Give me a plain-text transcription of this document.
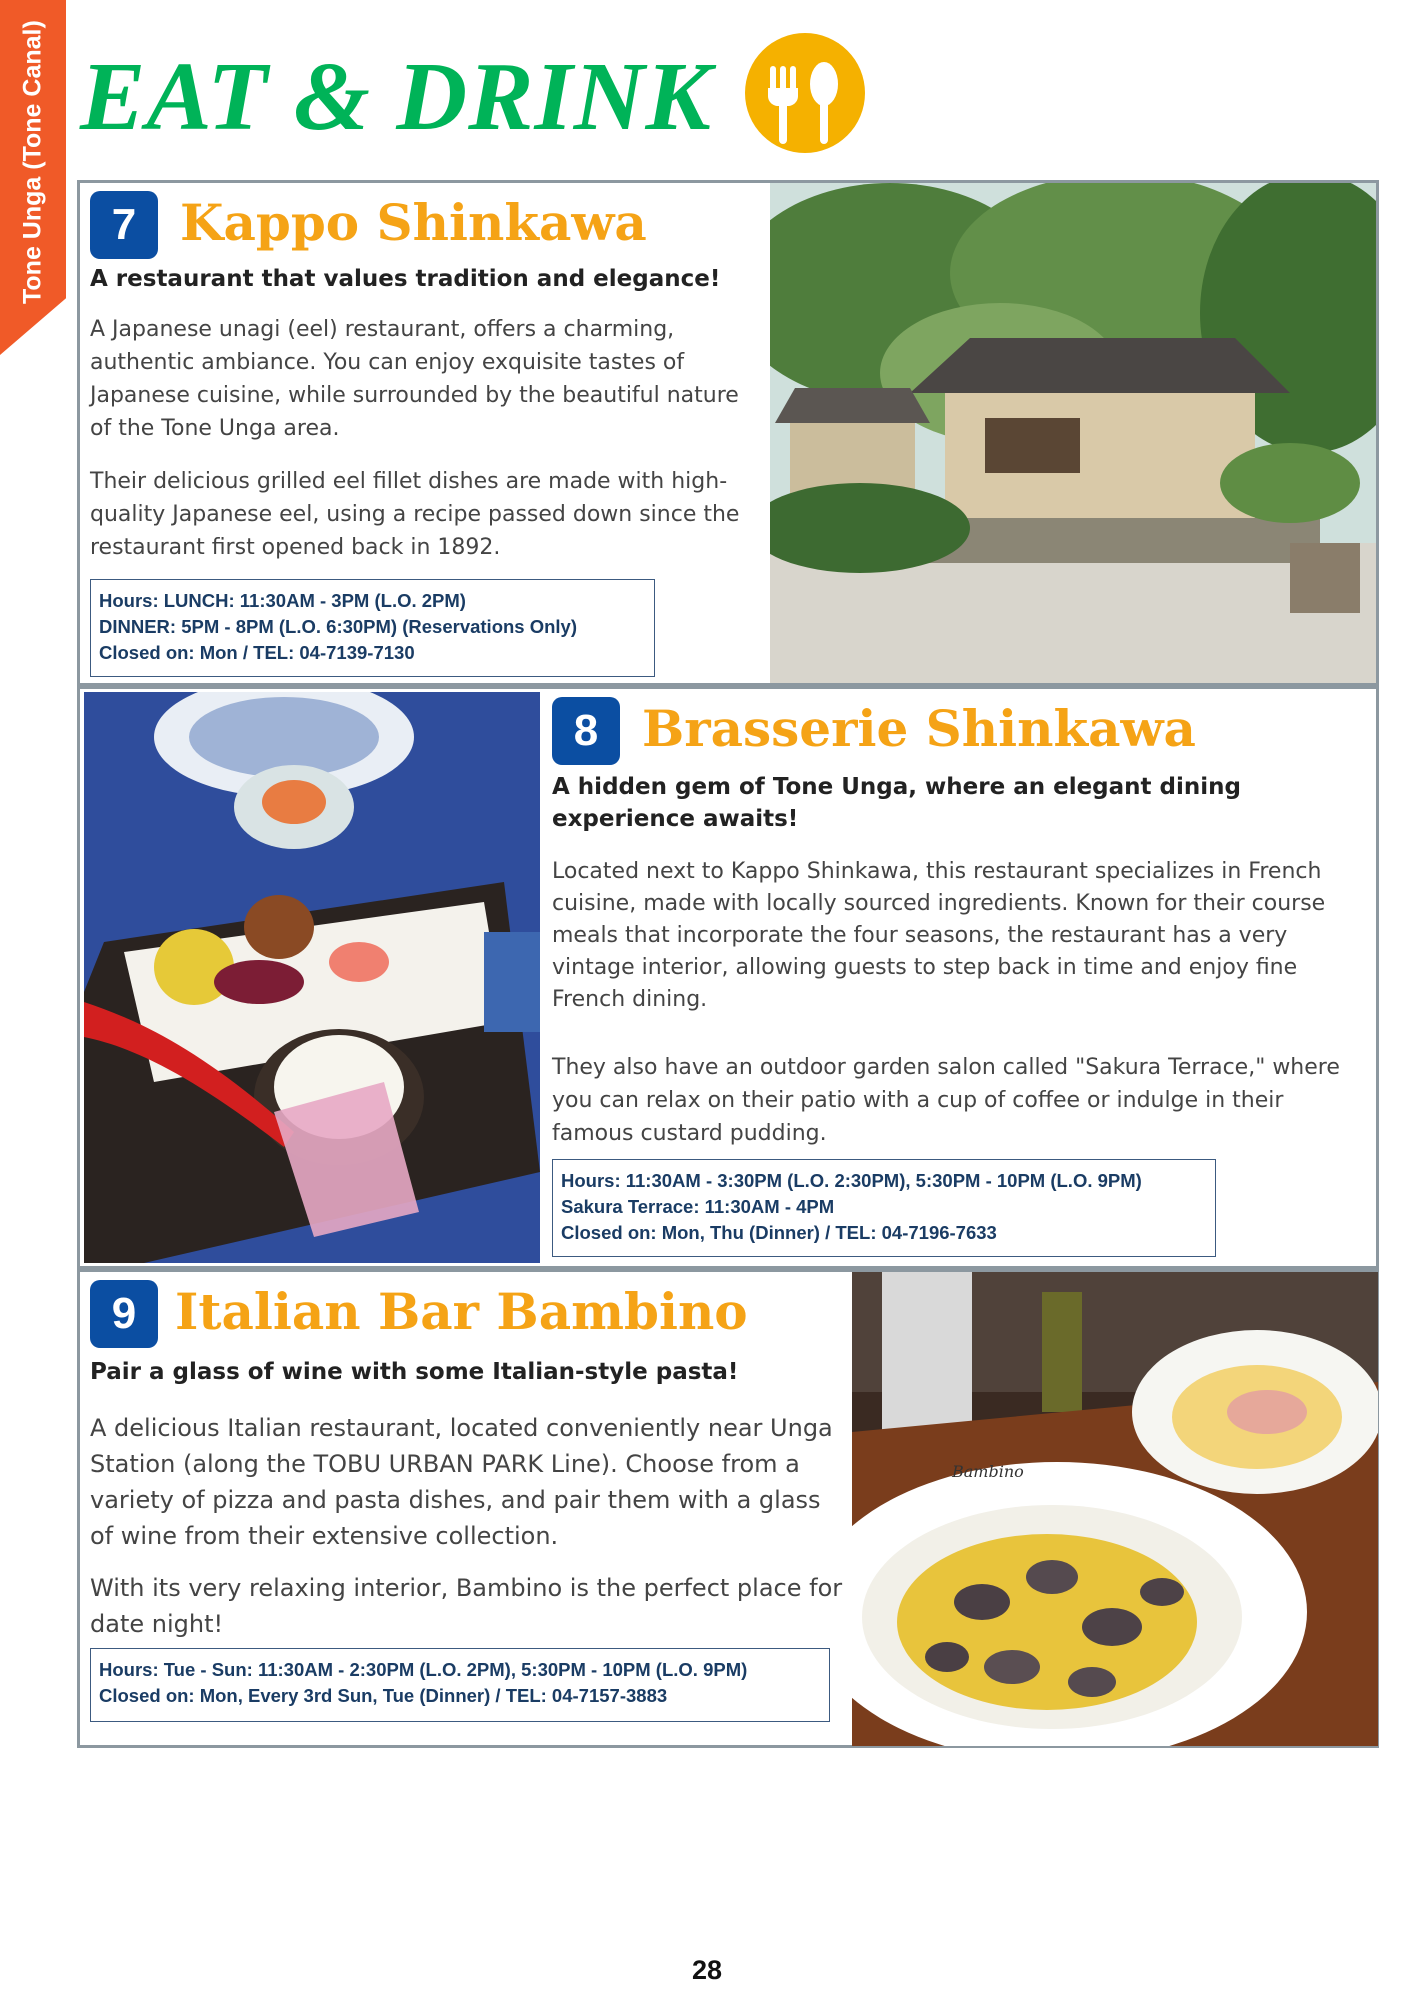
Tone Unga (Tone Canal) EAT & DRINK
7 Kappo Shinkawa

A restaurant that values tradition and elegance!

A Japanese unagi (eel) restaurant, offers a charming, authentic ambiance. You can enjoy exquisite tastes of Japanese cuisine, while surrounded by the beautiful nature of the Tone Unga area.

Their delicious grilled eel fillet dishes are made with high-quality Japanese eel, using a recipe passed down since the restaurant first opened back in 1892.

Hours: LUNCH: 11:30AM - 3PM (L.O. 2PM)
DINNER: 5PM - 8PM (L.O. 6:30PM) (Reservations Only)
Closed on: Mon / TEL: 04-7139-7130
8 Brasserie Shinkawa

A hidden gem of Tone Unga, where an elegant dining experience awaits!

Located next to Kappo Shinkawa, this restaurant specializes in French cuisine, made with locally sourced ingredients. Known for their course meals that incorporate the four seasons, the restaurant has a very vintage interior, allowing guests to step back in time and enjoy fine French dining.

They also have an outdoor garden salon called "Sakura Terrace," where you can relax on their patio with a cup of coffee or indulge in their famous custard pudding.

Hours: 11:30AM - 3:30PM (L.O. 2:30PM), 5:30PM - 10PM (L.O. 9PM)
Sakura Terrace: 11:30AM - 4PM
Closed on: Mon, Thu (Dinner) / TEL: 04-7196-7633
9 Italian Bar Bambino

Pair a glass of wine with some Italian-style pasta!

A delicious Italian restaurant, located conveniently near Unga Station (along the TOBU URBAN PARK Line). Choose from a variety of pizza and pasta dishes, and pair them with a glass of wine from their extensive collection.

With its very relaxing interior, Bambino is the perfect place for date night!

Hours: Tue - Sun: 11:30AM - 2:30PM (L.O. 2PM), 5:30PM - 10PM (L.O. 9PM)
Closed on: Mon, Every 3rd Sun, Tue (Dinner) / TEL: 04-7157-3883
Bambino
28
